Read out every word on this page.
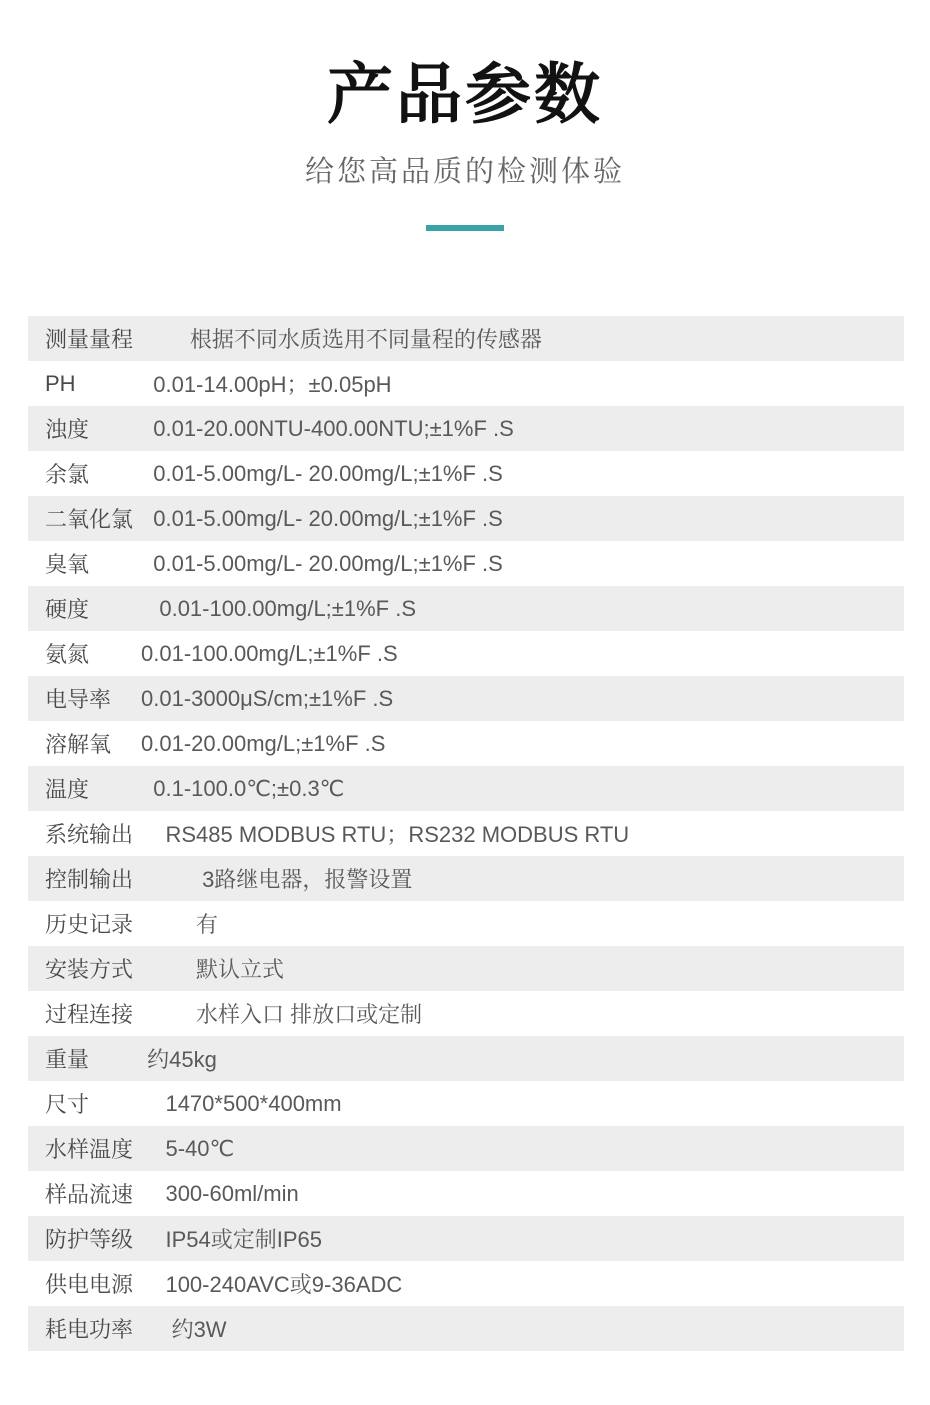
产品参数

给您高品质的检测体验

测量量程 根据不同水质选用不同量程的传感器
PH	0.01-14.00pH；±0.05pH
浊度	0.01-20.00NTU-400.00NTU;±1%F .S
余氯	0.01-5.00mg/L- 20.00mg/L;±1%F .S
二氧化氯 0.01-5.00mg/L- 20.00mg/L;±1%F .S
臭氧	0.01-5.00mg/L- 20.00mg/L;±1%F .S
硬度	0.01-100.00mg/L;±1%F .S
氨氮	0.01-100.00mg/L;±1%F .S
电导率	0.01-3000μS/cm;±1%F .S
溶解氧	0.01-20.00mg/L;±1%F .S
温度	0.1-100.0℃;±0.3℃
系统输出 RS485 MODBUS RTU；RS232 MODBUS RTU
控制输出 3路继电器，报警设置
历史记录 有
安装方式 默认立式
过程连接 水样入口 排放口或定制
重量	约45kg
尺寸	1470*500*400mm
水样温度 5-40℃
样品流速 300-60ml/min
防护等级 IP54或定制IP65
供电电源 100-240AVC或9-36ADC
耗电功率 约3W
